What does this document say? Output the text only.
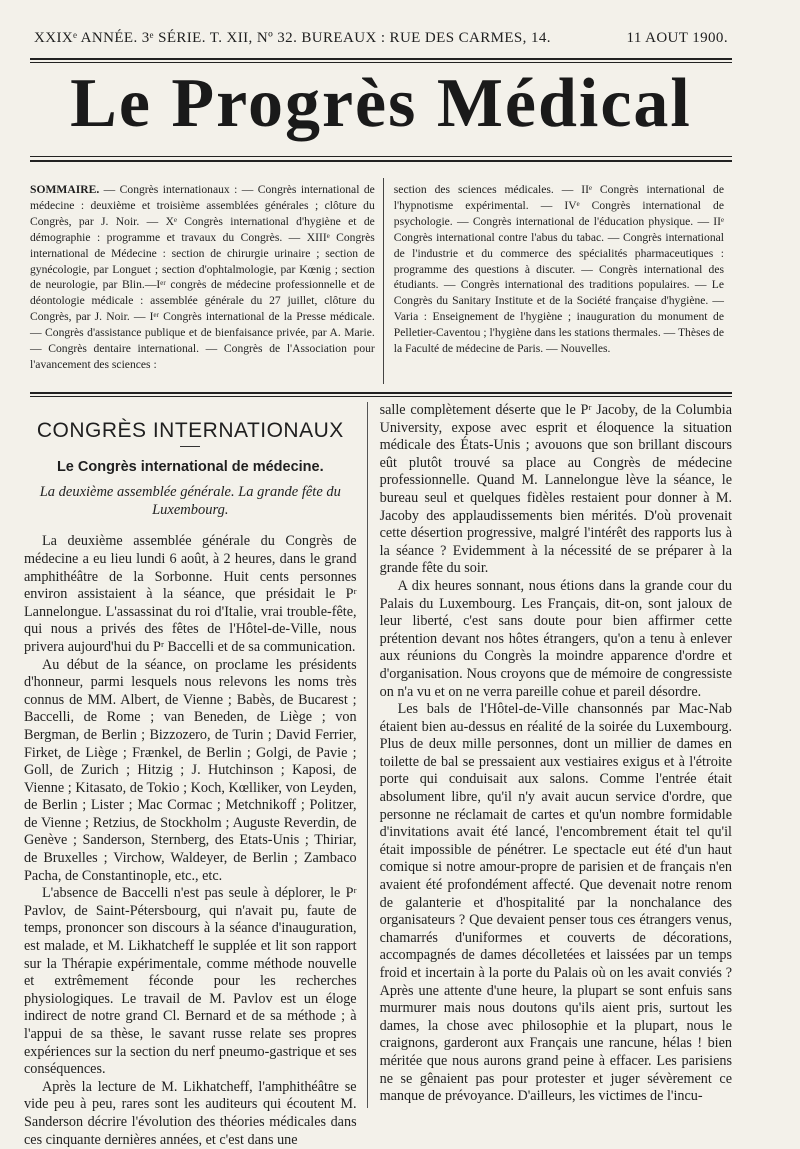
XXIXᵉ ANNÉE. 3ᵉ SÉRIE. T. XII, Nº 32. BUREAUX : RUE DES CARMES, 14.	11 AOUT 1900.
Le Progrès Médical
SOMMAIRE. — Congrès internationaux : — Congrès international de médecine : deuxième et troisième assemblées générales ; clôture du Congrès, par J. Noir. — Xᵉ Congrès international d'hygiène et de démographie : programme et travaux du Congrès. — XIIIᵉ Congrès international de Médecine : section de chirurgie urinaire ; section de gynécologie, par Longuet ; section d'ophtalmologie, par Kœnig ; section de neurologie, par Blin.—Iᵉʳ congrès de médecine professionnelle et de déontologie médicale : assemblée générale du 27 juillet, clôture du Congrès, par J. Noir. — Iᵉʳ Congrès international de la Presse médicale. — Congrès d'assistance publique et de bienfaisance privée, par A. Marie. — Congrès dentaire international. — Congrès de l'Association pour l'avancement des sciences :
section des sciences médicales. — IIᵉ Congrès international de l'hypnotisme expérimental. — IVᵉ Congrès international de psychologie. — Congrès international de l'éducation physique. — IIᵉ Congrès international contre l'abus du tabac. — Congrès international de l'industrie et du commerce des spécialités pharmaceutiques : programme des questions à discuter. — Congrès international des étudiants. — Congrès international des traditions populaires. — Le Congrès du Sanitary Institute et de la Société française d'hygiène. — Varia : Enseignement de l'hygiène ; inauguration du monument de Pelletier-Caventou ; l'hygiène dans les stations thermales. — Thèses de la Faculté de médecine de Paris. — Nouvelles.
CONGRÈS INTERNATIONAUX
Le Congrès international de médecine.
La deuxième assemblée générale. La grande fête du Luxembourg.

La deuxième assemblée générale du Congrès de médecine a eu lieu lundi 6 août, à 2 heures, dans le grand amphithéâtre de la Sorbonne. Huit cents personnes environ assistaient à la séance, que présidait le Pʳ Lannelongue. L'assassinat du roi d'Italie, vrai trouble-fête, qui nous a privés des fêtes de l'Hôtel-de-Ville, nous privera aujourd'hui du Pʳ Baccelli et de sa communication.

Au début de la séance, on proclame les présidents d'honneur, parmi lesquels nous relevons les noms très connus de MM. Albert, de Vienne ; Babès, de Bucarest ; Baccelli, de Rome ; van Beneden, de Liège ; von Bergman, de Berlin ; Bizzozero, de Turin ; David Ferrier, Firket, de Liège ; Frænkel, de Berlin ; Golgi, de Pavie ; Goll, de Zurich ; Hitzig ; J. Hutchinson ; Kaposi, de Vienne ; Kitasato, de Tokio ; Koch, Kœlliker, von Leyden, de Berlin ; Lister ; Mac Cormac ; Metchnikoff ; Politzer, de Vienne ; Retzius, de Stockholm ; Auguste Reverdin, de Genève ; Sanderson, Sternberg, des Etats-Unis ; Thiriar, de Bruxelles ; Virchow, Waldeyer, de Berlin ; Zambaco Pacha, de Constantinople, etc., etc.

L'absence de Baccelli n'est pas seule à déplorer, le Pʳ Pavlov, de Saint-Pétersbourg, qui n'avait pu, faute de temps, prononcer son discours à la séance d'inauguration, est malade, et M. Likhatcheff le supplée et lit son rapport sur la Thérapie expérimentale, comme méthode nouvelle et extrêmement féconde pour les recherches physiologiques. Le travail de M. Pavlov est un éloge indirect de notre grand Cl. Bernard et de sa méthode ; à l'appui de sa thèse, le savant russe relate ses propres expériences sur la section du nerf pneumo-gastrique et ses conséquences.

Après la lecture de M. Likhatcheff, l'amphithéâtre se vide peu à peu, rares sont les auditeurs qui écoutent M. Sanderson décrire l'évolution des théories médicales dans ces cinquante dernières années, et c'est dans une

salle complètement déserte que le Pʳ Jacoby, de la Columbia University, expose avec esprit et éloquence la situation médicale des États-Unis ; avouons que son brillant discours eût plutôt trouvé sa place au Congrès de médecine professionnelle. Quand M. Lannelongue lève la séance, le bureau seul et quelques fidèles restaient pour donner à M. Jacoby des applaudissements bien mérités. D'où provenait cette désertion progressive, malgré l'intérêt des rapports lus à la séance ? Evidemment à la nécessité de se préparer à la grande fête du soir.

A dix heures sonnant, nous étions dans la grande cour du Palais du Luxembourg. Les Français, dit-on, sont jaloux de leur liberté, c'est sans doute pour bien affirmer cette prétention devant nos hôtes étrangers, qu'on a tenu à enlever aux réunions du Congrès la moindre apparence d'ordre et d'organisation. Nous croyons que de mémoire de congressiste on n'a vu et on ne verra pareille cohue et pareil désordre.

Les bals de l'Hôtel-de-Ville chansonnés par Mac-Nab étaient bien au-dessus en réalité de la soirée du Luxembourg. Plus de deux mille personnes, dont un millier de dames en toilette de bal se pressaient aux vestiaires exigus et à l'étroite porte qui conduisait aux salons. Comme l'entrée était absolument libre, qu'il n'y avait aucun service d'ordre, que personne ne réclamait de cartes et qu'un nombre formidable d'invitations avait été lancé, l'encombrement était tel qu'il était impossible de pénétrer. Le spectacle eut été d'un haut comique si notre amour-propre de parisien et de français n'en avaient été profondément affecté. Que devenait notre renom de galanterie et d'hospitalité par la nonchalance des organisateurs ? Que devaient penser tous ces étrangers venus, chamarrés d'uniformes et couverts de décorations, accompagnés de dames décolletées et laissées par un temps froid et incertain à la porte du Palais où on les avait conviés ? Après une attente d'une heure, la plupart se sont enfuis sans murmurer mais nous doutons qu'ils aient pris, surtout les dames, la chose avec philosophie et la plupart, nous le craignons, garderont aux Français une rancune, hélas ! bien méritée que nous aurons grand peine à effacer. Les parisiens ne se gênaient pas pour protester et juger sévèrement ce manque de prévoyance. D'ailleurs, les victimes de l'incu-
